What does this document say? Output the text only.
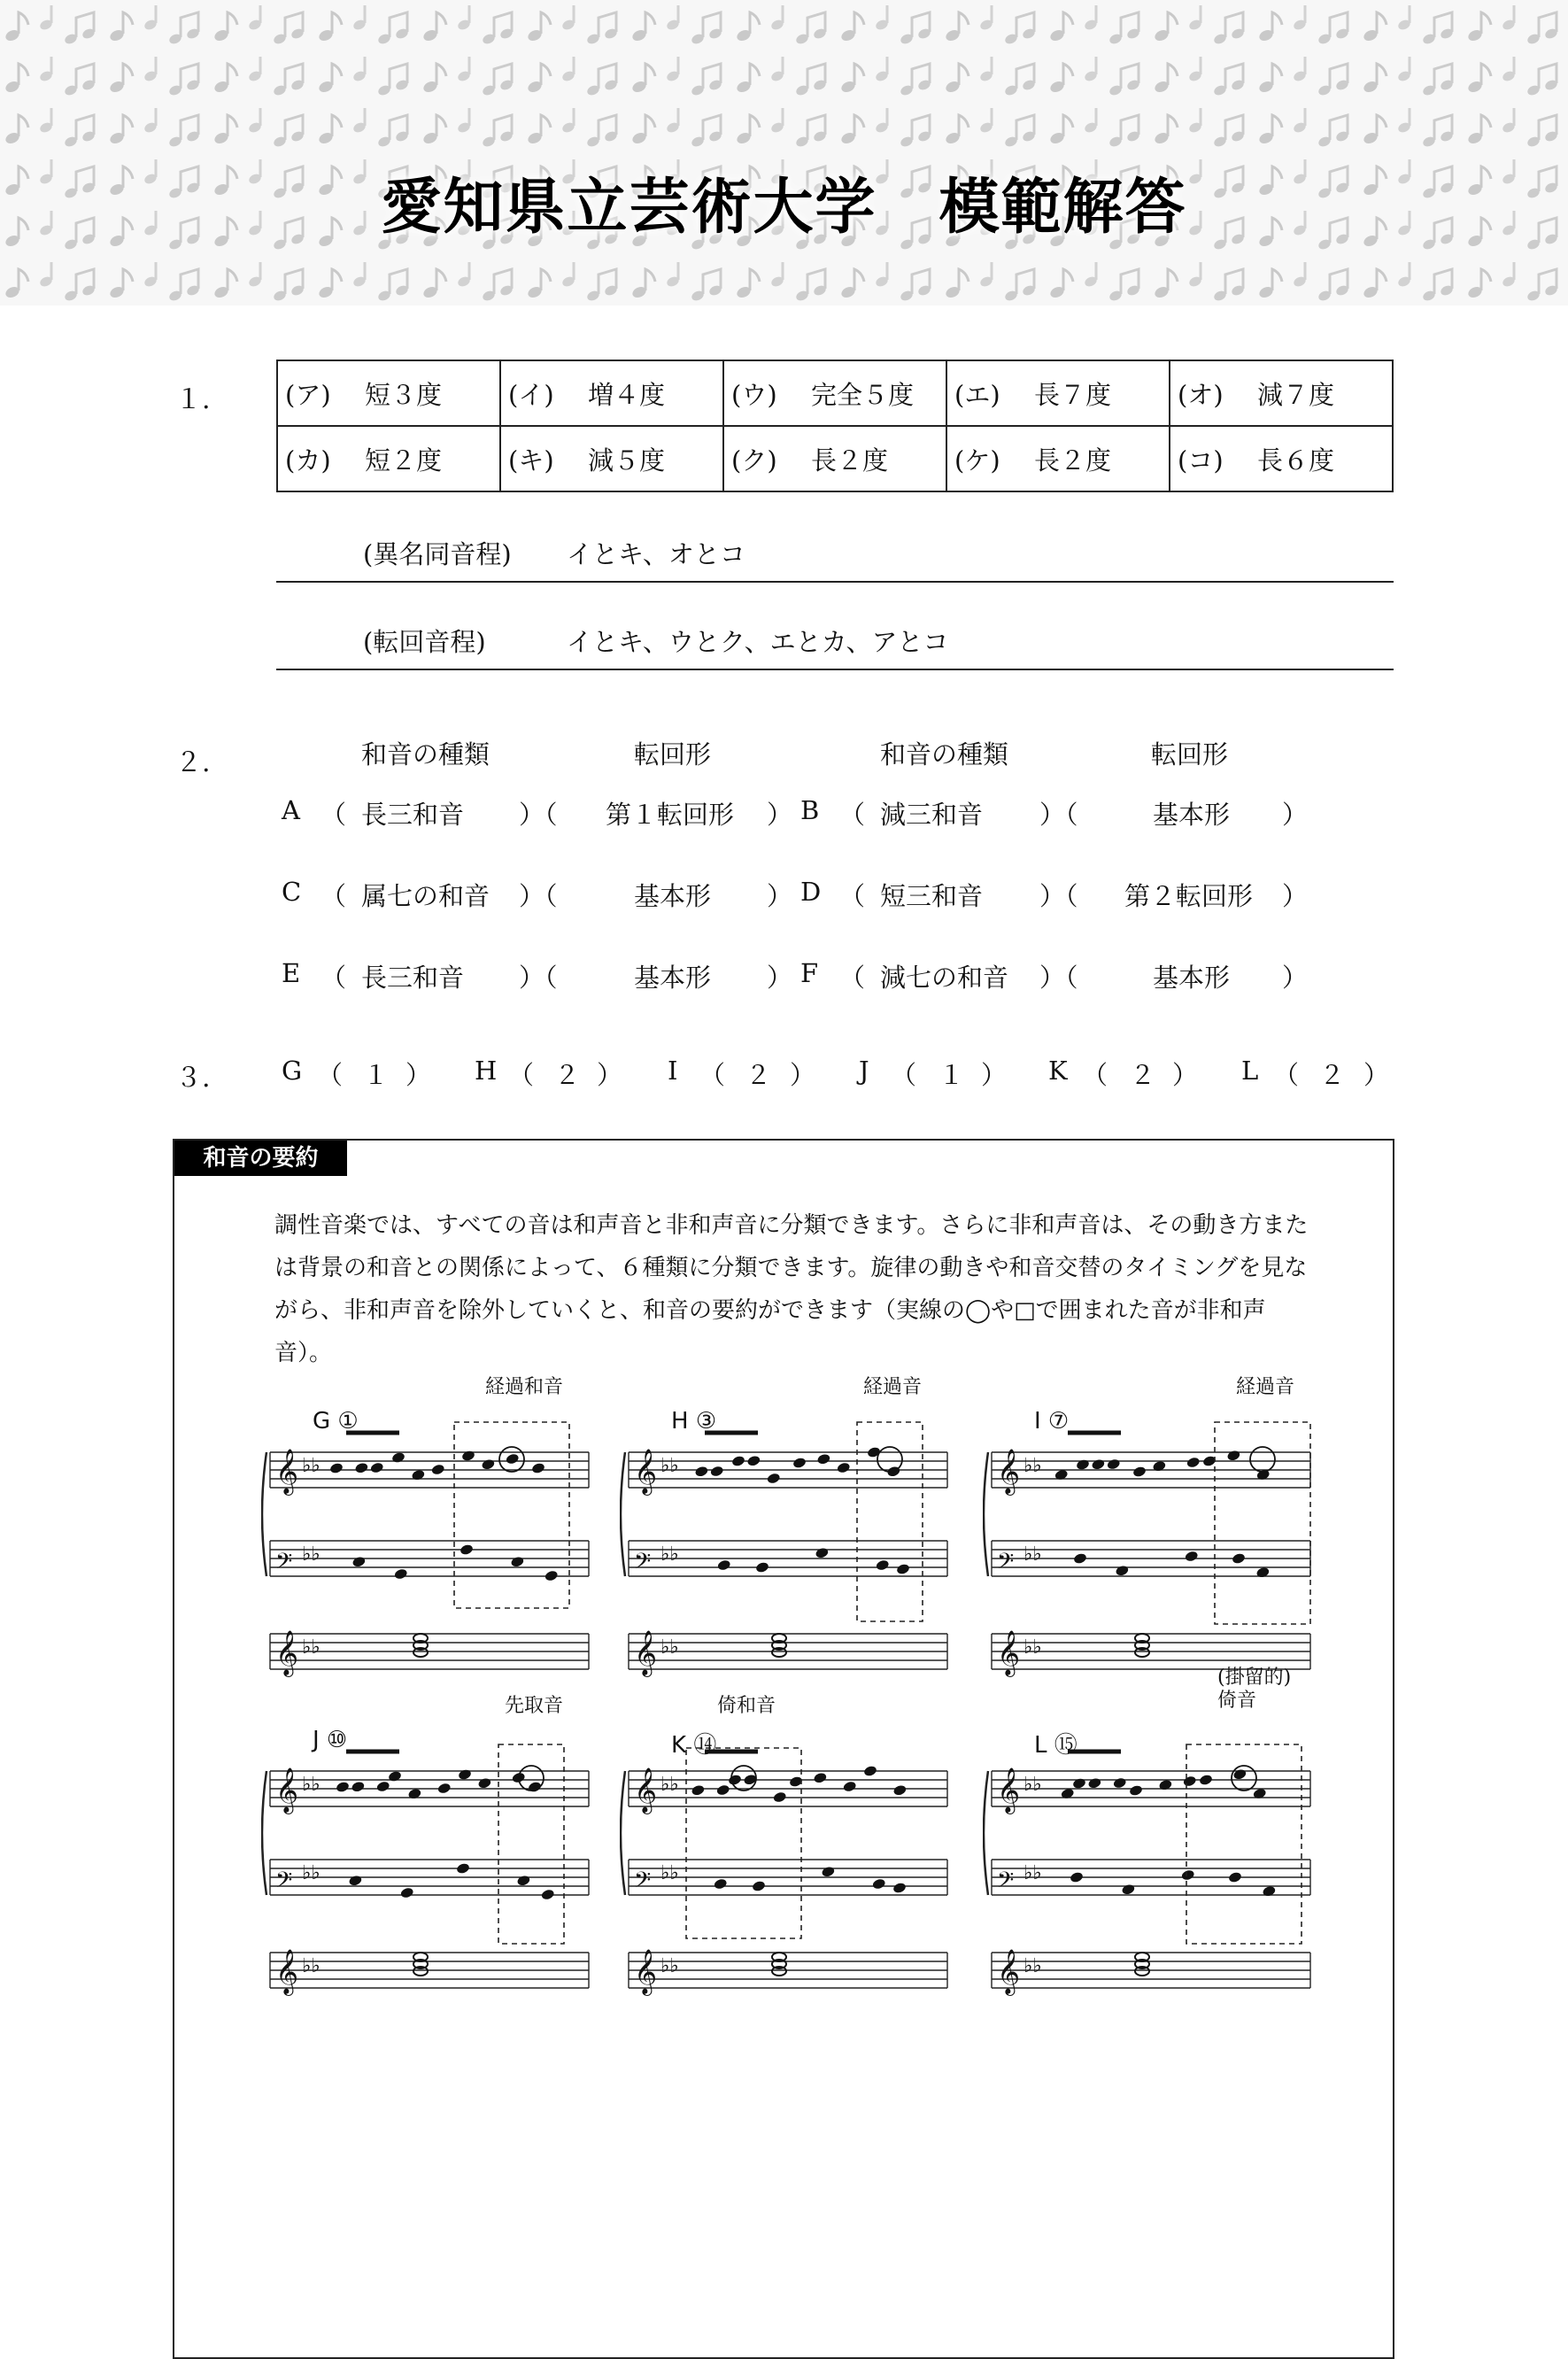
愛知県立芸術大学　模範解答
１.	(ア) 短３度	(イ) 増４度	(ウ) 完全５度	(エ) 長７度	(オ) 減７度
(カ) 短２度	(キ) 減５度	(ク) 長２度	(ケ) 長２度	(コ) 長６度
(異名同音程) イとキ、オとコ
(転回音程)	イとキ、ウとク、エとカ、アとコ
２.	和音の種類	転回形	和音の種類	転回形
A （ 長三和音 ）（ 第１転回形 ） B （ 減三和音 ）（	基本形 ）
C （ 属七の和音 ）（	基本形 ） D （ 短三和音 ）（ 第２転回形 ）
E （ 長三和音 ）（	基本形 ） F （ 減七の和音 ）（	基本形 ）
３.	G （ １ ） H （ ２ ） I （ ２ ） J （ １ ） K （ ２ ） L （ ２ ）
和音の要約
調性音楽では、すべての音は和声音と非和声音に分類できます。さらに非和声音は、その動き方または背景の和音との関係によって、６種類に分類できます。旋律の動きや和音交替のタイミングを見ながら、非和声音を除外していくと、和音の要約ができます（実線の◯や□で囲まれた音が非和声音）。
𝄞 ♭♭
𝄢 ♭♭
𝄞 ♭♭
G ①
経過和音
𝄞 ♭♭
𝄢 ♭♭
𝄞 ♭♭
H ③
経過音
𝄞 ♭♭
𝄢 ♭♭
𝄞 ♭♭
I ⑦
経過音
𝄞 ♭♭
𝄢 ♭♭
𝄞 ♭♭
J ⑩
先取音
𝄞 ♭♭
𝄢 ♭♭
𝄞 ♭♭
K ⑭
倚和音
𝄞 ♭♭
𝄢 ♭♭
𝄞 ♭♭
L ⑮
(掛留的)
倚音
